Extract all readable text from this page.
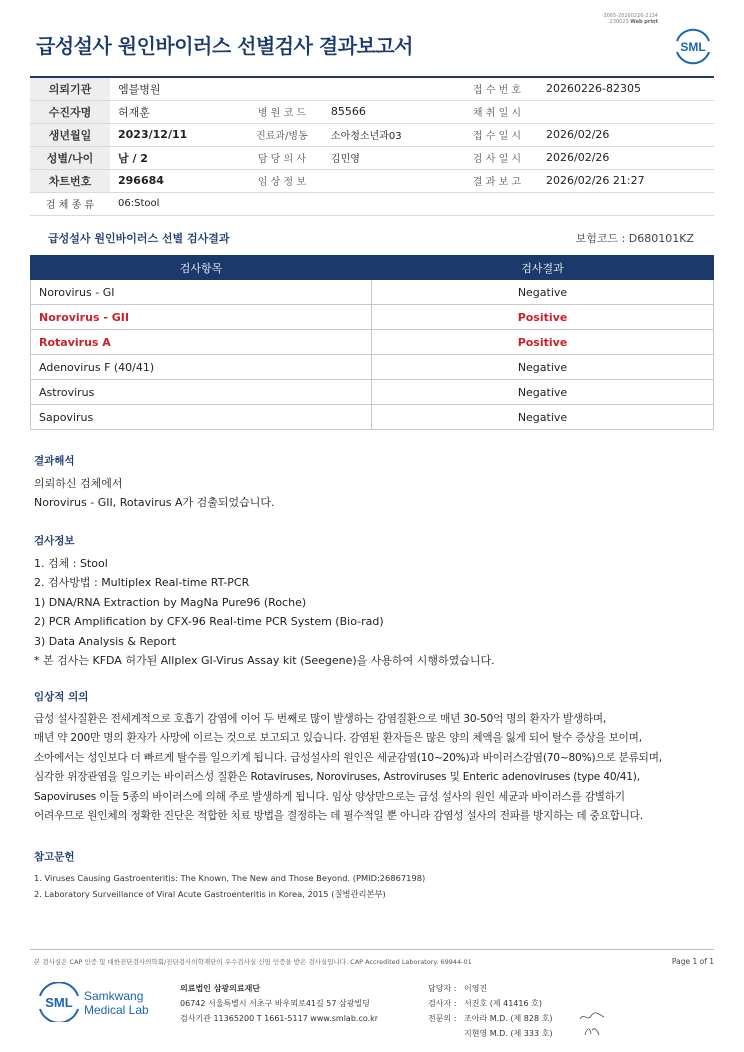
3065-20260226-2134
230023 Web print
급성설사 원인바이러스 선별검사 결과보고서	SML
의뢰기관	엠블병원			접 수 번 호	20260226-82305
수진자명	허재훈	병 원 코 드	85566	채 취 일 시	
생년월일	2023/12/11	진료과/병동	소아청소년과03	접 수 일 시	2026/02/26
성별/나이	남 / 2	담 당 의 사	김민영	검 사 일 시	2026/02/26
차트번호	296684	임 상 정 보		결 과 보 고	2026/02/26 21:27
검 체 종 류	06:Stool				
급성설사 원인바이러스 선별 검사결과	보험코드 : D680101KZ
검사항목	검사결과
Norovirus - GI	Negative
Norovirus - GII	Positive
Rotavirus A	Positive
Adenovirus F (40/41)	Negative
Astrovirus	Negative
Sapovirus	Negative
결과해석
의뢰하신 검체에서
Norovirus - GII, Rotavirus A가 검출되었습니다.
검사정보
1. 검체 : Stool
2. 검사방법 : Multiplex Real-time RT-PCR
1) DNA/RNA Extraction by MagNa Pure96 (Roche)
2) PCR Amplification by CFX-96 Real-time PCR System (Bio-rad)
3) Data Analysis & Report
* 본 검사는 KFDA 허가된 Allplex GI-Virus Assay kit (Seegene)을 사용하여 시행하였습니다.
임상적 의의
급성 설사질환은 전세계적으로 호흡기 감염에 이어 두 번째로 많이 발생하는 감염질환으로 매년 30-50억 명의 환자가 발생하며,
매년 약 200만 명의 환자가 사망에 이르는 것으로 보고되고 있습니다. 감염된 환자들은 많은 양의 체액을 잃게 되어 탈수 증상을 보이며,
소아에서는 성인보다 더 빠르게 탈수를 일으키게 됩니다. 급성설사의 원인은 세균감염(10~20%)과 바이러스감염(70~80%)으로 분류되며,
심각한 위장관염을 일으키는 바이러스성 질환은 Rotaviruses, Noroviruses, Astroviruses 및 Enteric adenoviruses (type 40/41),
Sapoviruses 이들 5종의 바이러스에 의해 주로 발생하게 됩니다. 임상 양상만으로는 급성 설사의 원인 세균과 바이러스를 감별하기
어려우므로 원인체의 정확한 진단은 적합한 치료 방법을 결정하는 데 필수적일 뿐 아니라 감염성 설사의 전파를 방지하는 데 중요합니다.
참고문헌
1. Viruses Causing Gastroenteritis: The Known, The New and Those Beyond. (PMID:26867198)
2. Laboratory Surveillance of Viral Acute Gastroenteritis in Korea, 2015 (질병관리본부)
본 검사실은 CAP 인증 및 대한진단검사의학회/진단검사의학재단의 우수검사실 신임 인증을 받은 검사실입니다. CAP Accredited Laboratory. 69944-01	Page 1 of 1
SML Samkwang
Medical Lab
의료법인 삼광의료재단
06742 서울특별시 서초구 바우뫼로41길 57 삼광빌딩
검사기관 11365200 T 1661-5117 www.smlab.co.kr
담당자 : 이영진
검사자 : 서진호 (제 41416 호)
전문의 : 조아라 M.D. (제 828 호)
지현영 M.D. (제 333 호)
